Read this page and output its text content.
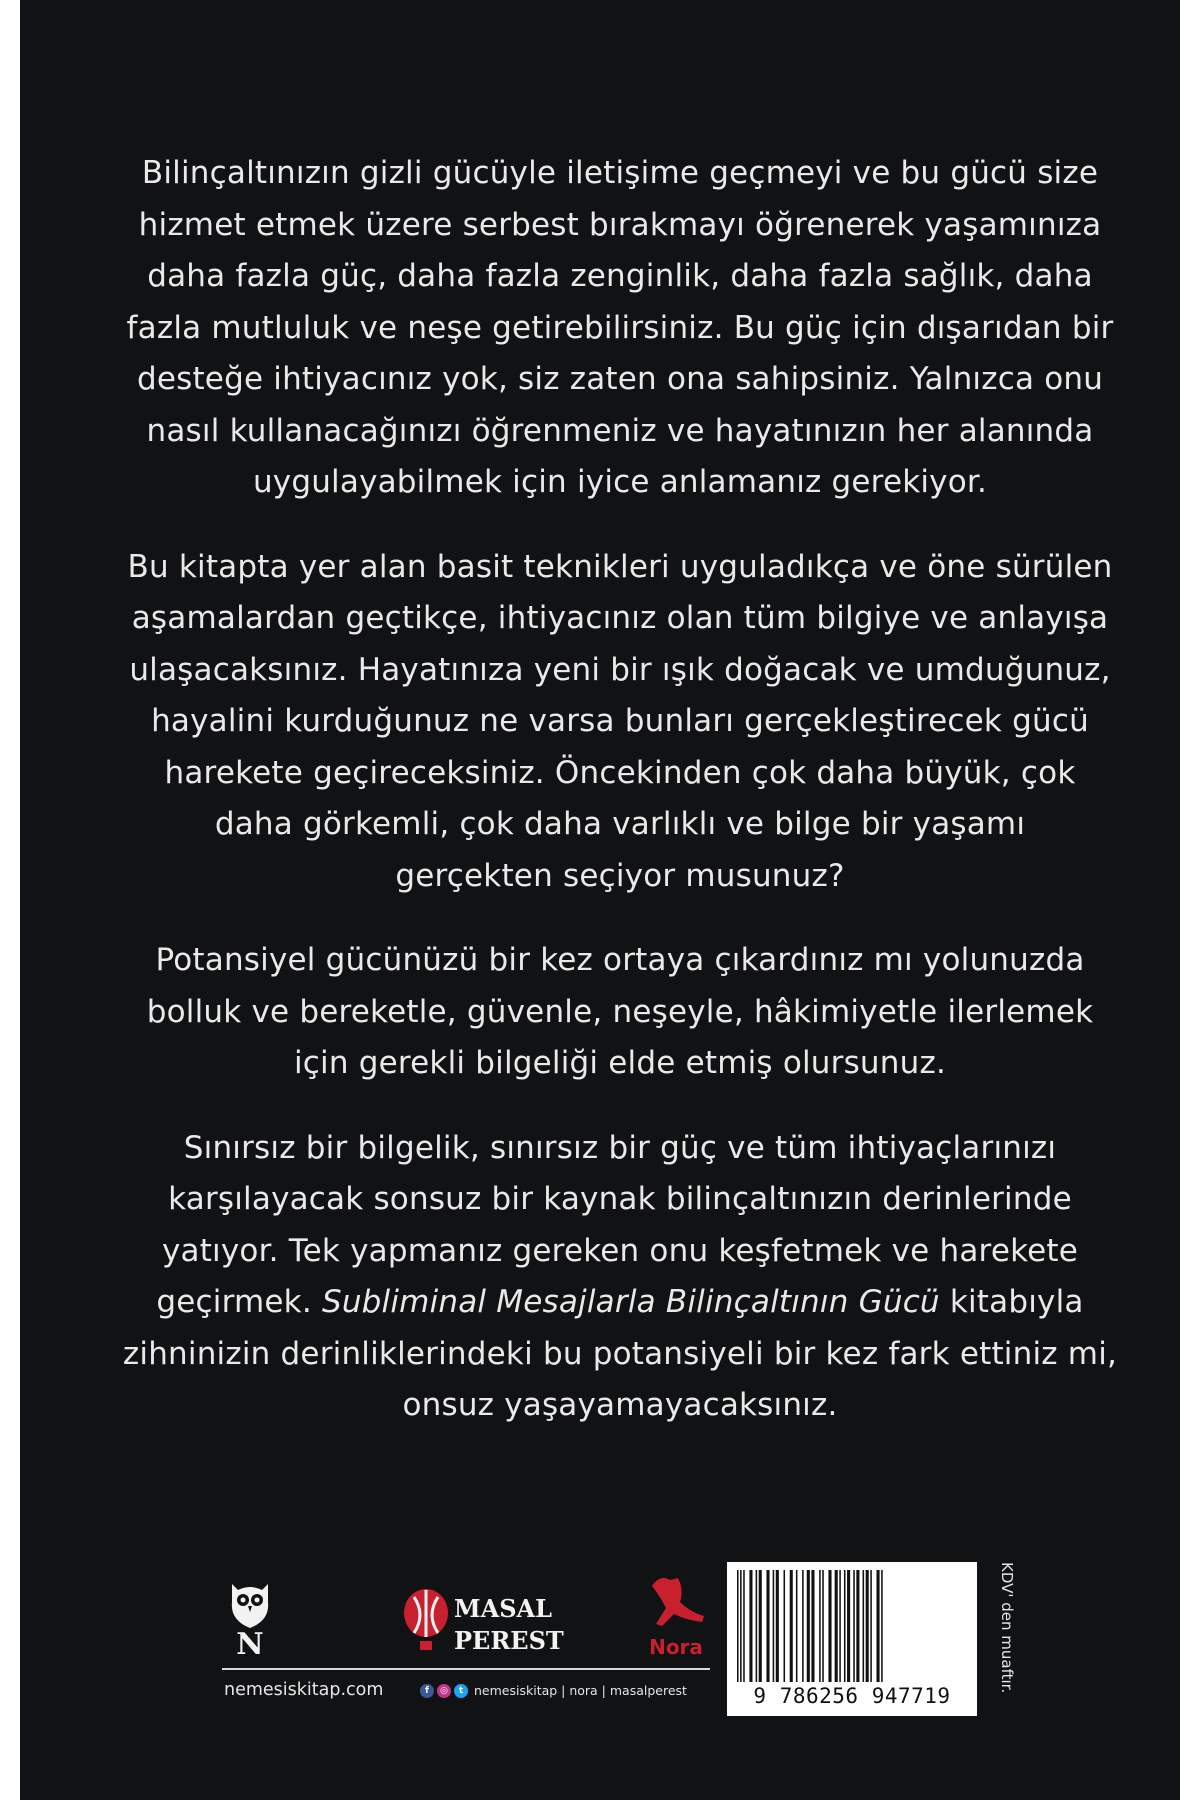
Bilinçaltınızın gizli gücüyle iletişime geçmeyi ve bu gücü size
hizmet etmek üzere serbest bırakmayı öğrenerek yaşamınıza
daha fazla güç, daha fazla zenginlik, daha fazla sağlık, daha
fazla mutluluk ve neşe getirebilirsiniz. Bu güç için dışarıdan bir
desteğe ihtiyacınız yok, siz zaten ona sahipsiniz. Yalnızca onu
nasıl kullanacağınızı öğrenmeniz ve hayatınızın her alanında
uygulayabilmek için iyice anlamanız gerekiyor.

Bu kitapta yer alan basit teknikleri uyguladıkça ve öne sürülen
aşamalardan geçtikçe, ihtiyacınız olan tüm bilgiye ve anlayışa
ulaşacaksınız. Hayatınıza yeni bir ışık doğacak ve umduğunuz,
hayalini kurduğunuz ne varsa bunları gerçekleştirecek gücü
harekete geçireceksiniz. Öncekinden çok daha büyük, çok
daha görkemli, çok daha varlıklı ve bilge bir yaşamı
gerçekten seçiyor musunuz?

Potansiyel gücünüzü bir kez ortaya çıkardınız mı yolunuzda
bolluk ve bereketle, güvenle, neşeyle, hâkimiyetle ilerlemek
için gerekli bilgeliği elde etmiş olursunuz.

Sınırsız bir bilgelik, sınırsız bir güç ve tüm ihtiyaçlarınızı
karşılayacak sonsuz bir kaynak bilinçaltınızın derinlerinde
yatıyor. Tek yapmanız gereken onu keşfetmek ve harekete
geçirmek. Subliminal Mesajlarla Bilinçaltının Gücü kitabıyla
zihninizin derinliklerindeki bu potansiyeli bir kez fark ettiniz mi,
onsuz yaşayamayacaksınız.

N
MASAL
PEREST	Nora
nemesiskitap.com	f	◎	t nemesiskitap | nora | masalperest	9 786256 947719
KDV' den muaftır.
